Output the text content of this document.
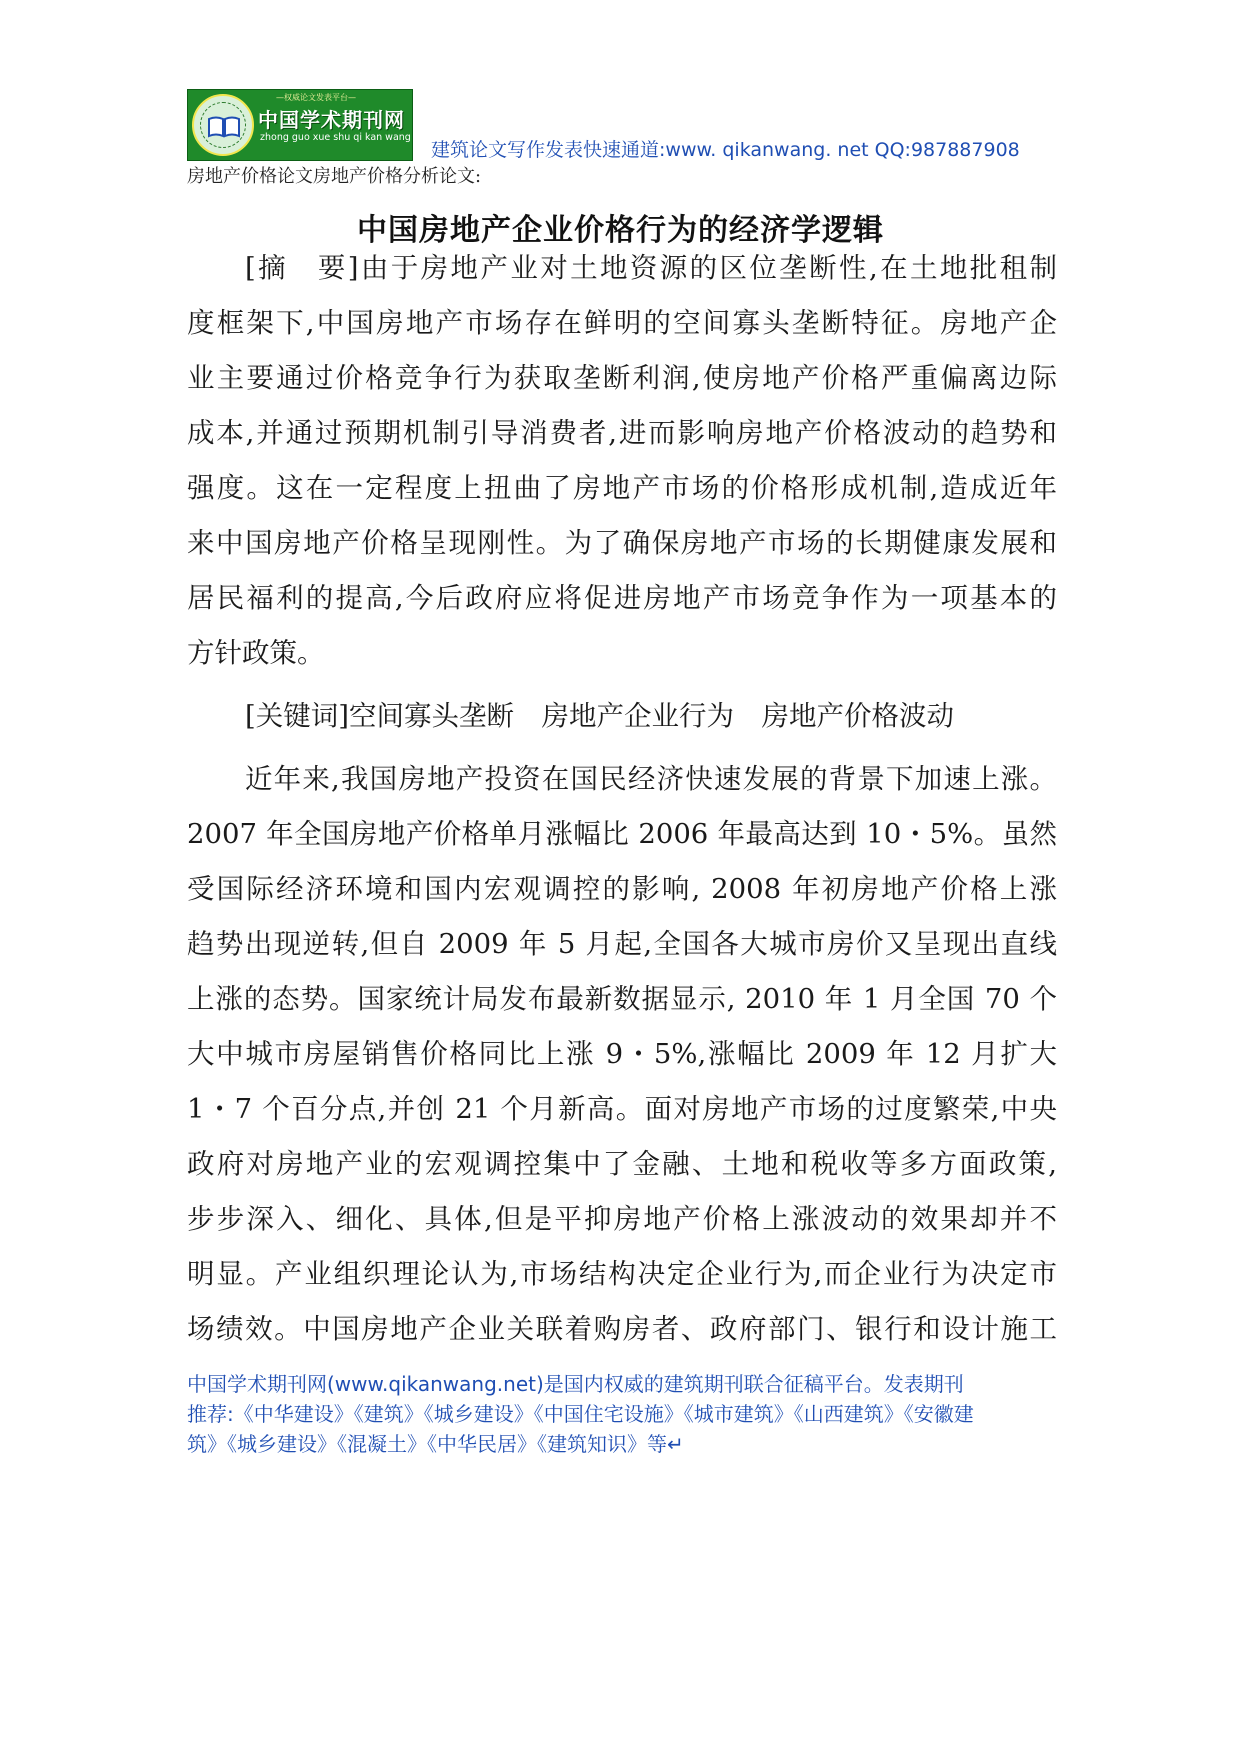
—权威论文发表平台—
中国学术期刊网
zhong guo xue shu qi kan wang
建筑论文写作发表快速通道:www. qikanwang. net QQ:987887908
房地产价格论文房地产价格分析论文:
中国房地产企业价格行为的经济学逻辑
[摘　要]由于房地产业对土地资源的区位垄断性,在土地批租制
度框架下,中国房地产市场存在鲜明的空间寡头垄断特征。房地产企
业主要通过价格竞争行为获取垄断利润,使房地产价格严重偏离边际
成本,并通过预期机制引导消费者,进而影响房地产价格波动的趋势和
强度。这在一定程度上扭曲了房地产市场的价格形成机制,造成近年
来中国房地产价格呈现刚性。为了确保房地产市场的长期健康发展和
居民福利的提高,今后政府应将促进房地产市场竞争作为一项基本的
方针政策。
[关键词]空间寡头垄断　房地产企业行为　房地产价格波动
近年来,我国房地产投资在国民经济快速发展的背景下加速上涨。
2007 年全国房地产价格单月涨幅比 2006 年最高达到 10・5%。虽然
受国际经济环境和国内宏观调控的影响, 2008 年初房地产价格上涨
趋势出现逆转,但自 2009 年 5 月起,全国各大城市房价又呈现出直线
上涨的态势。国家统计局发布最新数据显示, 2010 年 1 月全国 70 个
大中城市房屋销售价格同比上涨 9・5%,涨幅比 2009 年 12 月扩大
1・7 个百分点,并创 21 个月新高。面对房地产市场的过度繁荣,中央
政府对房地产业的宏观调控集中了金融、土地和税收等多方面政策,
步步深入、细化、具体,但是平抑房地产价格上涨波动的效果却并不
明显。产业组织理论认为,市场结构决定企业行为,而企业行为决定市
场绩效。中国房地产企业关联着购房者、政府部门、银行和设计施工
中国学术期刊网(www.qikanwang.net)是国内权威的建筑期刊联合征稿平台。发表期刊
推荐:《中华建设》《建筑》《城乡建设》《中国住宅设施》《城市建筑》《山西建筑》《安徽建
筑》《城乡建设》《混凝土》《中华民居》《建筑知识》等↵
